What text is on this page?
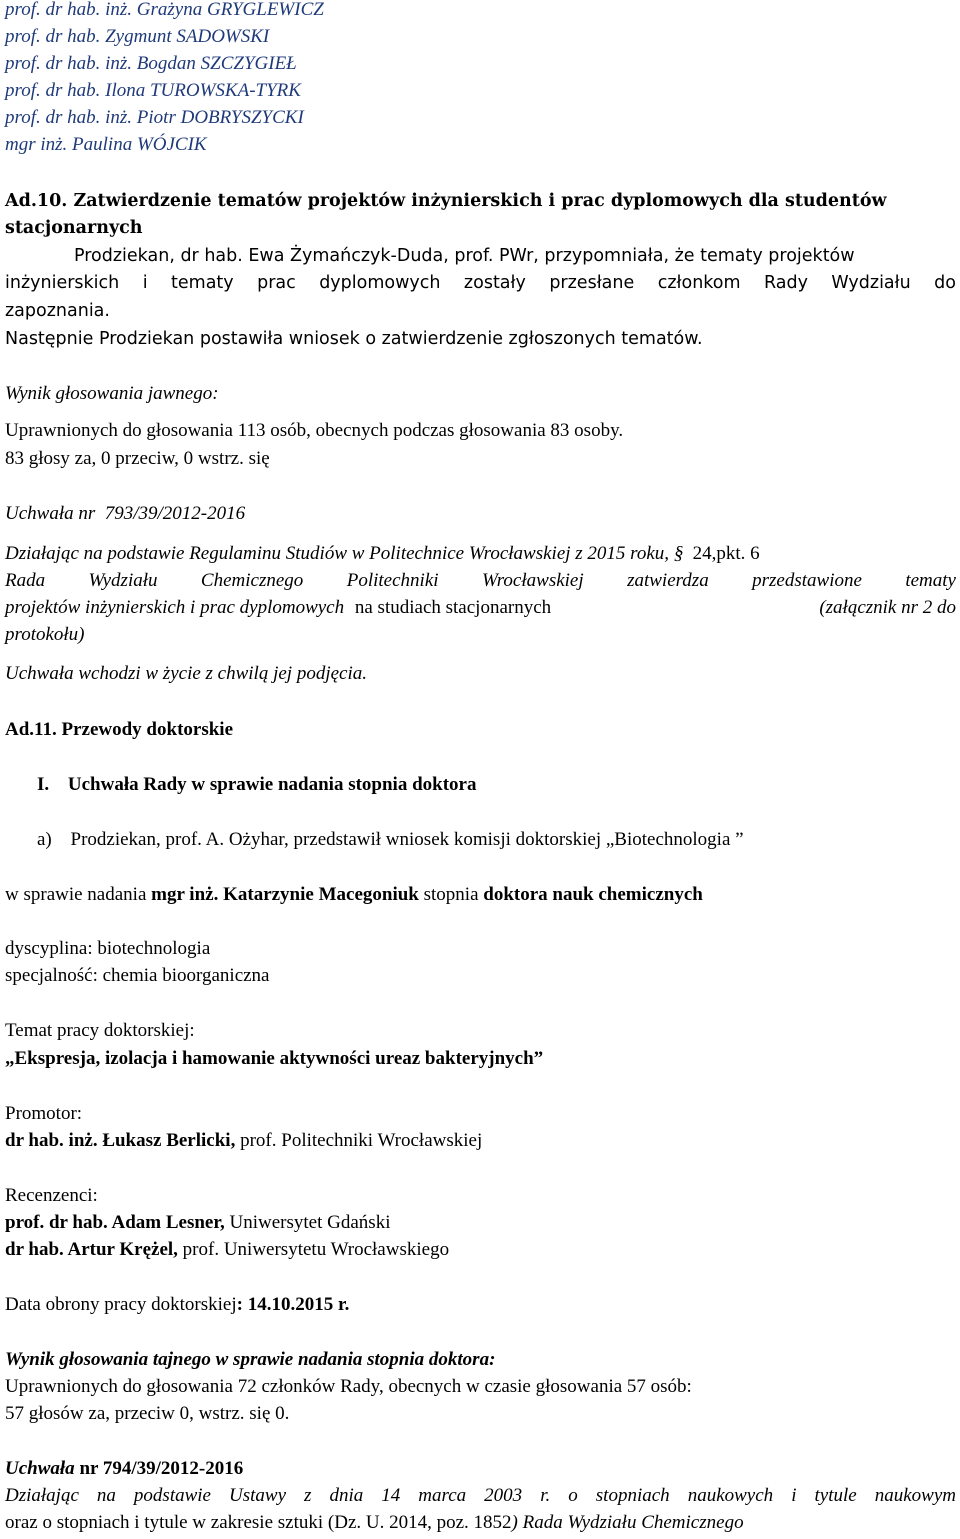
prof. dr hab. inż. Grażyna GRYGLEWICZ
prof. dr hab. Zygmunt SADOWSKI
prof. dr hab. inż. Bogdan SZCZYGIEŁ
prof. dr hab. Ilona TUROWSKA-TYRK
prof. dr hab. inż. Piotr DOBRYSZYCKI
mgr inż. Paulina WÓJCIK
Ad.10. Zatwierdzenie tematów projektów inżynierskich i prac dyplomowych dla studentów
stacjonarnych
Prodziekan, dr hab. Ewa Żymańczyk-Duda, prof. PWr, przypomniała, że tematy projektów
inżynierskich i tematy prac dyplomowych zostały przesłane członkom Rady Wydziału do
zapoznania.
Następnie Prodziekan postawiła wniosek o zatwierdzenie zgłoszonych tematów.
Wynik głosowania jawnego:
Uprawnionych do głosowania 113 osób, obecnych podczas głosowania 83 osoby.
83 głosy za, 0 przeciw, 0 wstrz. się
Uchwała nr 793/39/2012-2016
Działając na podstawie Regulaminu Studiów w Politechnice Wrocławskiej z 2015 roku, § 24,pkt. 6
Rada Wydziału Chemicznego Politechniki Wrocławskiej zatwierdza przedstawione tematy
projektów inżynierskich i prac dyplomowych na studiach stacjonarnych	(załącznik nr 2 do
protokołu)
Uchwała wchodzi w życie z chwilą jej podjęcia.
Ad.11. Przewody doktorskie
I. Uchwała Rady w sprawie nadania stopnia doktora
a) Prodziekan, prof. A. Ożyhar, przedstawił wniosek komisji doktorskiej „Biotechnologia ”
w sprawie nadania mgr inż. Katarzynie Macegoniuk stopnia doktora nauk chemicznych
dyscyplina: biotechnologia
specjalność: chemia bioorganiczna
Temat pracy doktorskiej:
„Ekspresja, izolacja i hamowanie aktywności ureaz bakteryjnych”
Promotor:
dr hab. inż. Łukasz Berlicki, prof. Politechniki Wrocławskiej
Recenzenci:
prof. dr hab. Adam Lesner, Uniwersytet Gdański
dr hab. Artur Krężel, prof. Uniwersytetu Wrocławskiego
Data obrony pracy doktorskiej: 14.10.2015 r.
Wynik głosowania tajnego w sprawie nadania stopnia doktora:
Uprawnionych do głosowania 72 członków Rady, obecnych w czasie głosowania 57 osób:
57 głosów za, przeciw 0, wstrz. się 0.
Uchwała nr 794/39/2012-2016
Działając na podstawie Ustawy z dnia 14 marca 2003 r. o stopniach naukowych i tytule naukowym
oraz o stopniach i tytule w zakresie sztuki (Dz. U. 2014, poz. 1852) Rada Wydziału Chemicznego
